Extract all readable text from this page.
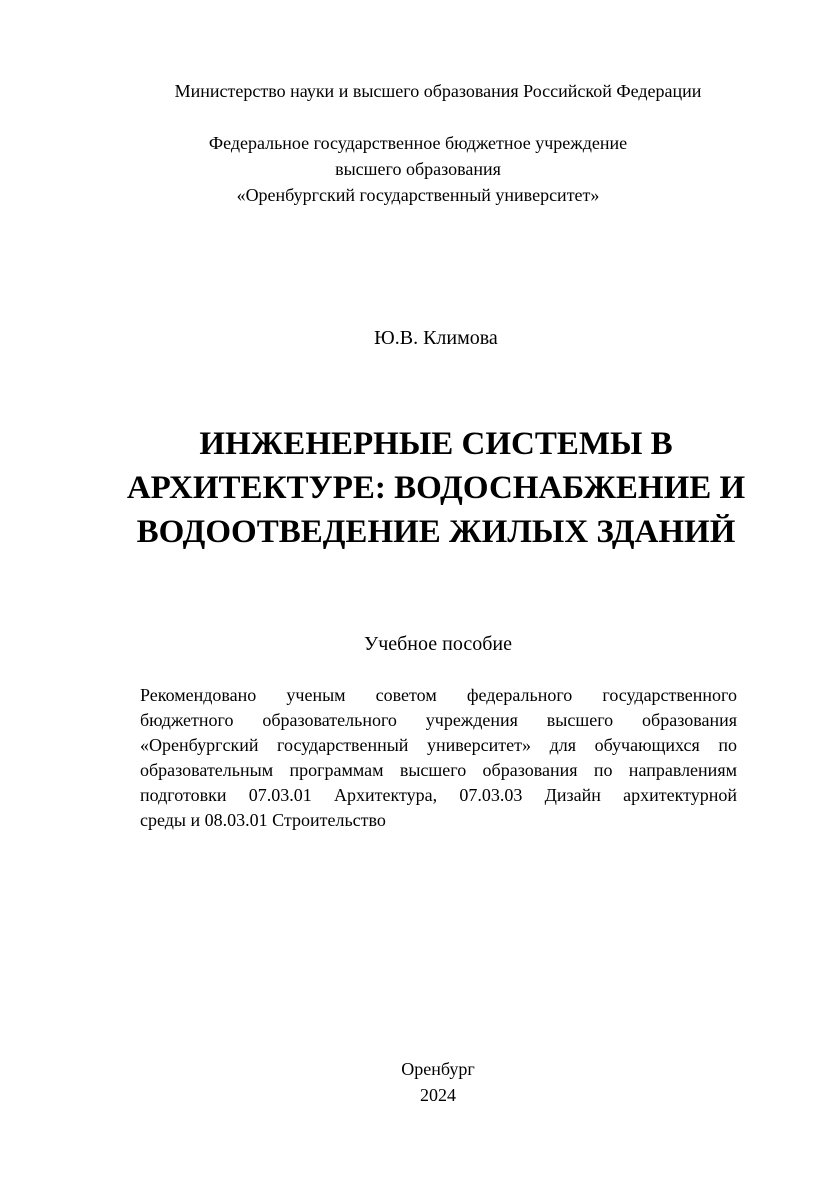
Министерство науки и высшего образования Российской Федерации
Федеральное государственное бюджетное учреждение
высшего образования
«Оренбургский государственный университет»
Ю.В. Климова
ИНЖЕНЕРНЫЕ СИСТЕМЫ В
АРХИТЕКТУРЕ: ВОДОСНАБЖЕНИЕ И
ВОДООТВЕДЕНИЕ ЖИЛЫХ ЗДАНИЙ
Учебное пособие
Рекомендовано ученым советом федерального государственного
бюджетного образовательного учреждения высшего образования
«Оренбургский государственный университет» для обучающихся по
образовательным программам высшего образования по направлениям
подготовки 07.03.01 Архитектура, 07.03.03 Дизайн архитектурной
среды и 08.03.01 Строительство
Оренбург
2024
